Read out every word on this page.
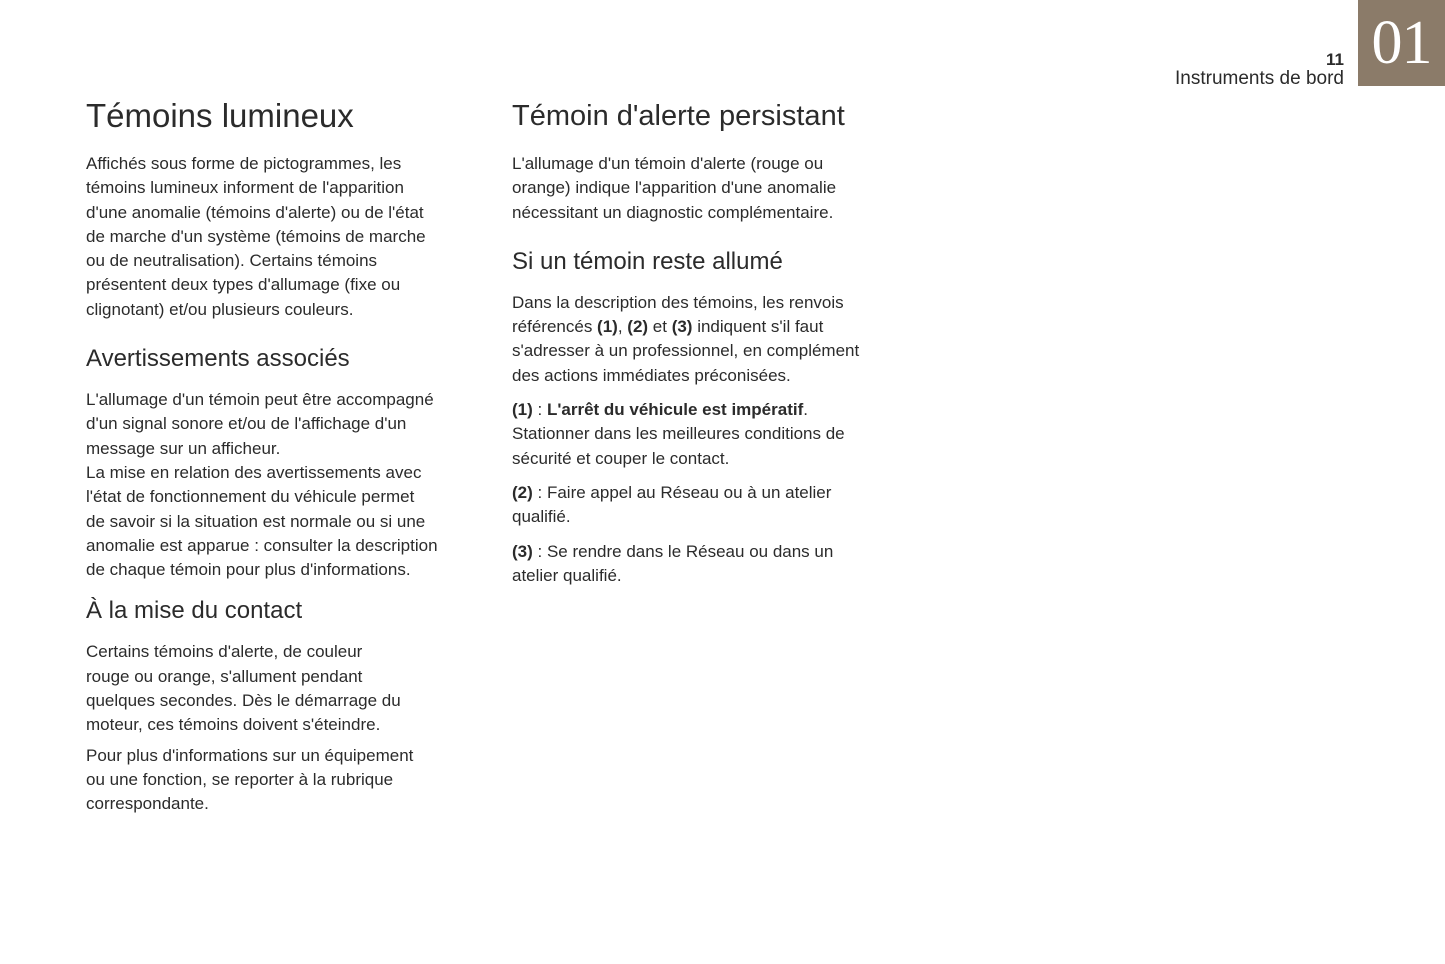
11
Instruments de bord
01
Témoins lumineux

Affichés sous forme de pictogrammes, les
témoins lumineux informent de l'apparition
d'une anomalie (témoins d'alerte) ou de l'état
de marche d'un système (témoins de marche
ou de neutralisation). Certains témoins
présentent deux types d'allumage (fixe ou
clignotant) et/ou plusieurs couleurs.

Avertissements associés

L'allumage d'un témoin peut être accompagné
d'un signal sonore et/ou de l'affichage d'un
message sur un afficheur.
La mise en relation des avertissements avec
l'état de fonctionnement du véhicule permet
de savoir si la situation est normale ou si une
anomalie est apparue : consulter la description
de chaque témoin pour plus d'informations.

À la mise du contact

Certains témoins d'alerte, de couleur
rouge ou orange, s'allument pendant
quelques secondes. Dès le démarrage du
moteur, ces témoins doivent s'éteindre.

Pour plus d'informations sur un équipement
ou une fonction, se reporter à la rubrique
correspondante.

Témoin d'alerte persistant

L'allumage d'un témoin d'alerte (rouge ou
orange) indique l'apparition d'une anomalie
nécessitant un diagnostic complémentaire.

Si un témoin reste allumé

Dans la description des témoins, les renvois
référencés (1), (2) et (3) indiquent s'il faut
s'adresser à un professionnel, en complément
des actions immédiates préconisées.

(1) : L'arrêt du véhicule est impératif.
Stationner dans les meilleures conditions de
sécurité et couper le contact.

(2) : Faire appel au Réseau ou à un atelier
qualifié.

(3) : Se rendre dans le Réseau ou dans un
atelier qualifié.
